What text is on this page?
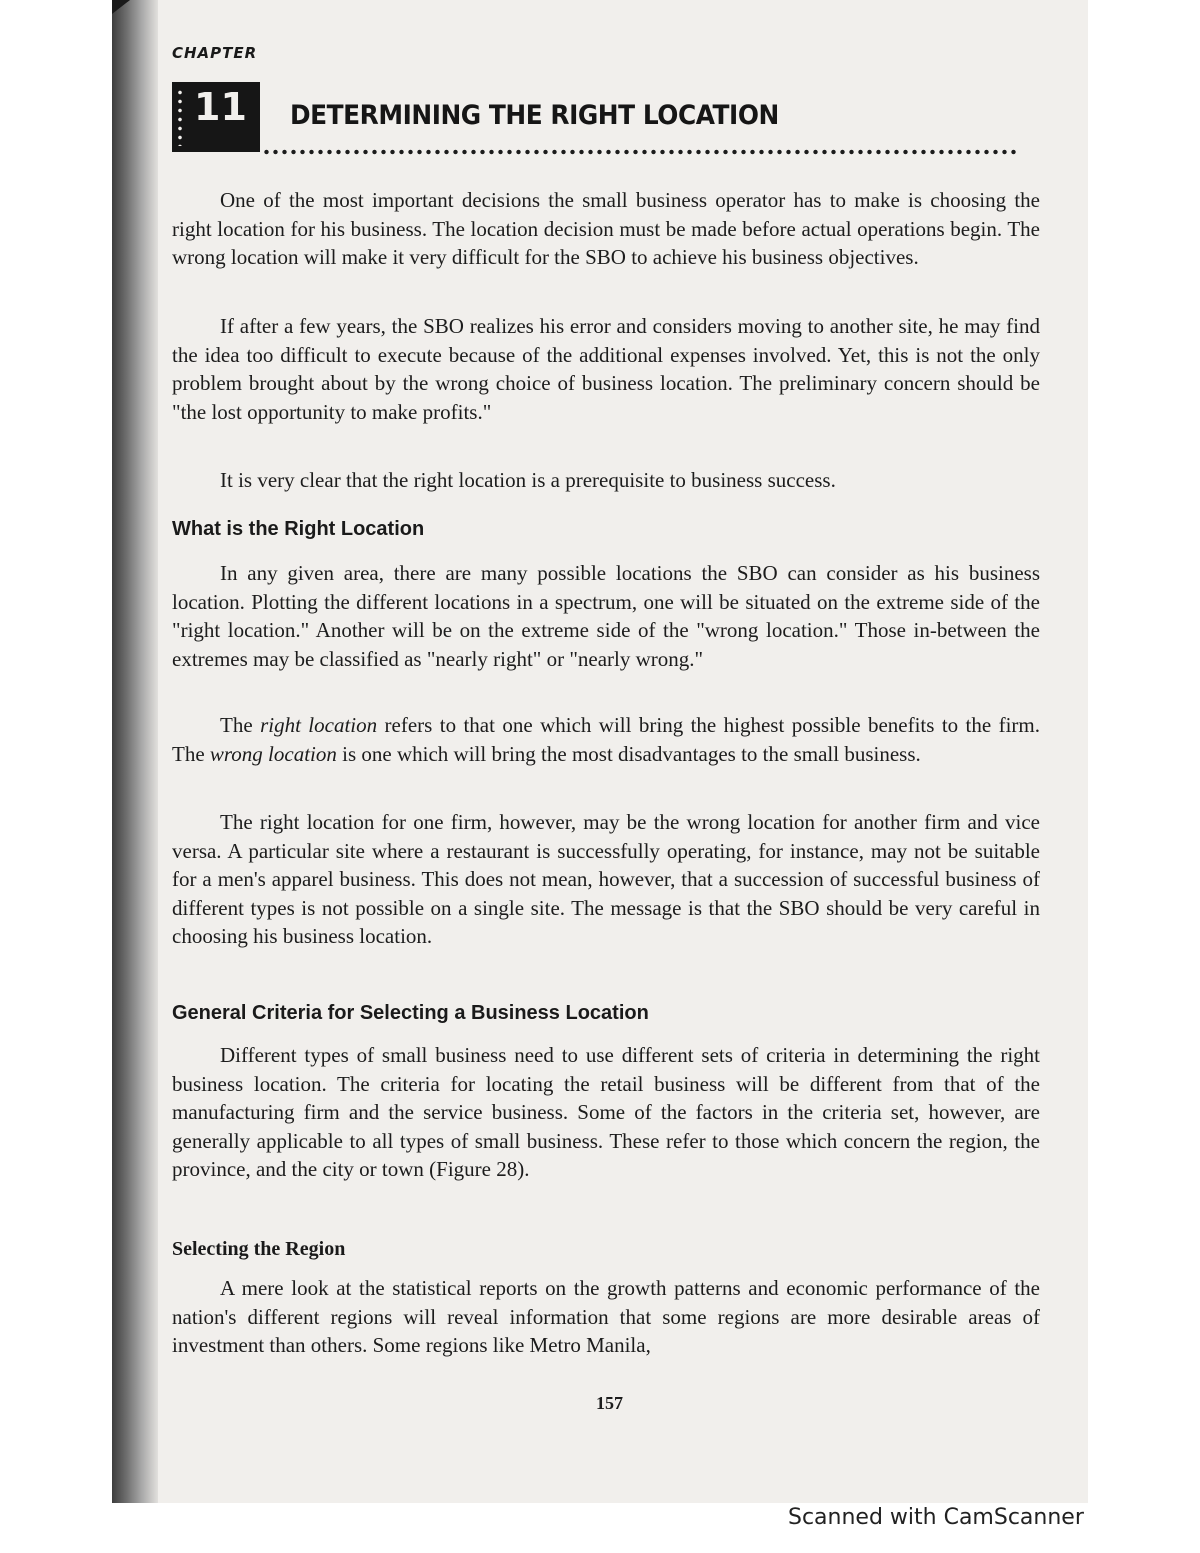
CHAPTER
11 DETERMINING THE RIGHT LOCATION

One of the most important decisions the small business operator has to make is choosing the right location for his business. The location decision must be made before actual operations begin. The wrong location will make it very difficult for the SBO to achieve his business objectives.

If after a few years, the SBO realizes his error and considers moving to another site, he may find the idea too difficult to execute because of the additional expenses involved. Yet, this is not the only problem brought about by the wrong choice of business location. The preliminary concern should be "the lost opportunity to make profits."

It is very clear that the right location is a prerequisite to business success.

What is the Right Location

In any given area, there are many possible locations the SBO can consider as his business location. Plotting the different locations in a spectrum, one will be situated on the extreme side of the "right location." Another will be on the extreme side of the "wrong location." Those in-between the extremes may be classified as "nearly right" or "nearly wrong."

The right location refers to that one which will bring the highest possible benefits to the firm. The wrong location is one which will bring the most disadvantages to the small business.

The right location for one firm, however, may be the wrong location for another firm and vice versa. A particular site where a restaurant is successfully operating, for instance, may not be suitable for a men's apparel business. This does not mean, however, that a succession of successful business of different types is not possible on a single site. The message is that the SBO should be very careful in choosing his business location.

General Criteria for Selecting a Business Location

Different types of small business need to use different sets of criteria in determining the right business location. The criteria for locating the retail business will be different from that of the manufacturing firm and the service business. Some of the factors in the criteria set, however, are generally applicable to all types of small business. These refer to those which concern the region, the province, and the city or town (Figure 28).

Selecting the Region

A mere look at the statistical reports on the growth patterns and economic performance of the nation's different regions will reveal information that some regions are more desirable areas of investment than others. Some regions like Metro Manila,

157
Scanned with CamScanner
